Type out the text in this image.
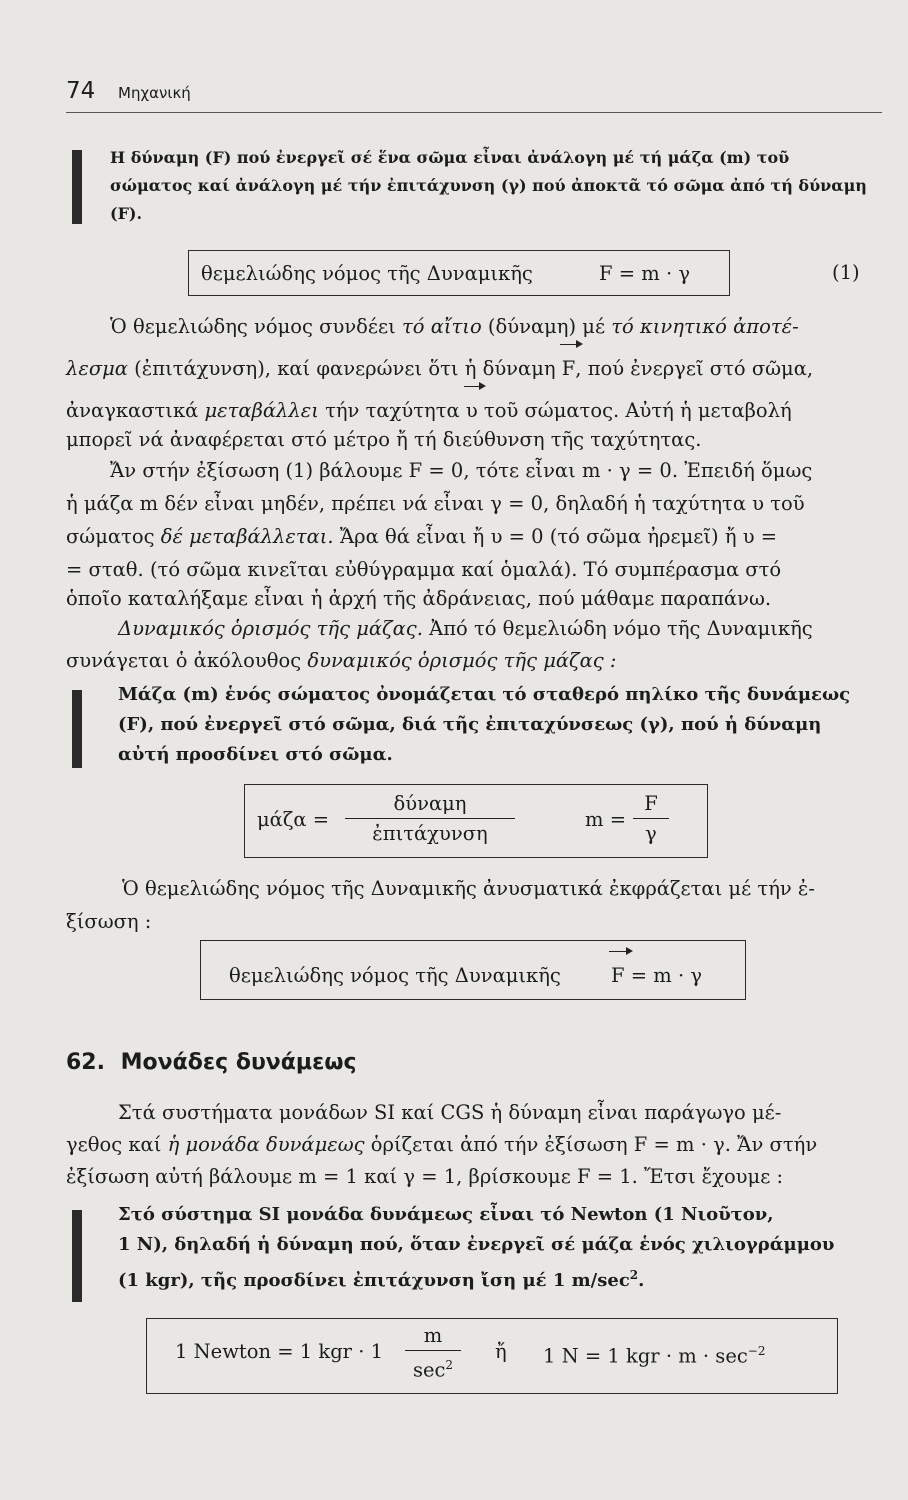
74 Μηχανική
Η δύναμη (F) πού ἐνεργεῖ σέ ἕνα σῶμα εἶναι ἀνάλογη μέ τή μάζα (m) τοῦ σώματος καί ἀνάλογη μέ τήν ἐπιτάχυνση (γ) πού ἀποκτᾶ τό σῶμα ἀπό τή δύναμη (F).
θεμελιώδης νόμος τῆς Δυναμικῆς	F = m · γ	(1)
Ὁ θεμελιώδης νόμος συνδέει τό αἴτιο (δύναμη) μέ τό κινητικό ἀποτέ-
λεσμα (ἐπιτάχυνση), καί φανερώνει ὅτι ἡ δύναμη F, πού ἐνεργεῖ στό σῶμα,
ἀναγκαστικά μεταβάλλει τήν ταχύτητα υ τοῦ σώματος. Αὐτή ἡ μεταβολή
μπορεῖ νά ἀναφέρεται στό μέτρο ἤ τή διεύθυνση τῆς ταχύτητας.
Ἄν στήν ἐξίσωση (1) βάλουμε F = 0, τότε εἶναι m · γ = 0. Ἐπειδή ὅμως
ἡ μάζα m δέν εἶναι μηδέν, πρέπει νά εἶναι γ = 0, δηλαδή ἡ ταχύτητα υ τοῦ
σώματος δέ μεταβάλλεται. Ἄρα θά εἶναι ἤ υ = 0 (τό σῶμα ἠρεμεῖ) ἤ υ =
= σταθ. (τό σῶμα κινεῖται εὐθύγραμμα καί ὁμαλά). Τό συμπέρασμα στό
ὁποῖο καταλήξαμε εἶναι ἡ ἀρχή τῆς ἀδράνειας, πού μάθαμε παραπάνω.
Δυναμικός ὁρισμός τῆς μάζας. Ἀπό τό θεμελιώδη νόμο τῆς Δυναμικῆς
συνάγεται ὁ ἀκόλουθος δυναμικός ὁρισμός τῆς μάζας :
Μάζα (m) ἑνός σώματος ὀνομάζεται τό σταθερό πηλίκο τῆς δυνάμεως (F), πού ἐνεργεῖ στό σῶμα, διά τῆς ἐπιταχύνσεως (γ), πού ἡ δύναμη αὐτή προσδίνει στό σῶμα.
μάζα =
δύναμη
ἐπιτάχυνση
$m = \frac{F}{\gamma}$
Ὁ θεμελιώδης νόμος τῆς Δυναμικῆς ἀνυσματικά ἐκφράζεται μέ τήν ἐ-
ξίσωση :
θεμελιώδης νόμος τῆς Δυναμικῆς	F = m · γ
62. Μονάδες δυνάμεως
Στά συστήματα μονάδων SI καί CGS ἡ δύναμη εἶναι παράγωγο μέ-
γεθος καί ἡ μονάδα δυνάμεως ὁρίζεται ἀπό τήν ἐξίσωση F = m · γ. Ἄν στήν
ἐξίσωση αὐτή βάλουμε m = 1 καί γ = 1, βρίσκουμε F = 1. Ἔτσι ἔχουμε :
Στό σύστημα SI μονάδα δυνάμεως εἶναι τό Newton (1 Νιοῦτον,
1 N), δηλαδή ἡ δύναμη πού, ὅταν ἐνεργεῖ σέ μάζα ἑνός χιλιογράμμου
(1 kgr), τῆς προσδίνει ἐπιτάχυνση ἴση μέ 1 $m/\sec^2$.
1 Newton = 1 kgr · 1
m
$\sec^2$
ἤ 1 N = 1 kgr · $m \cdot \sec^{-2}$
